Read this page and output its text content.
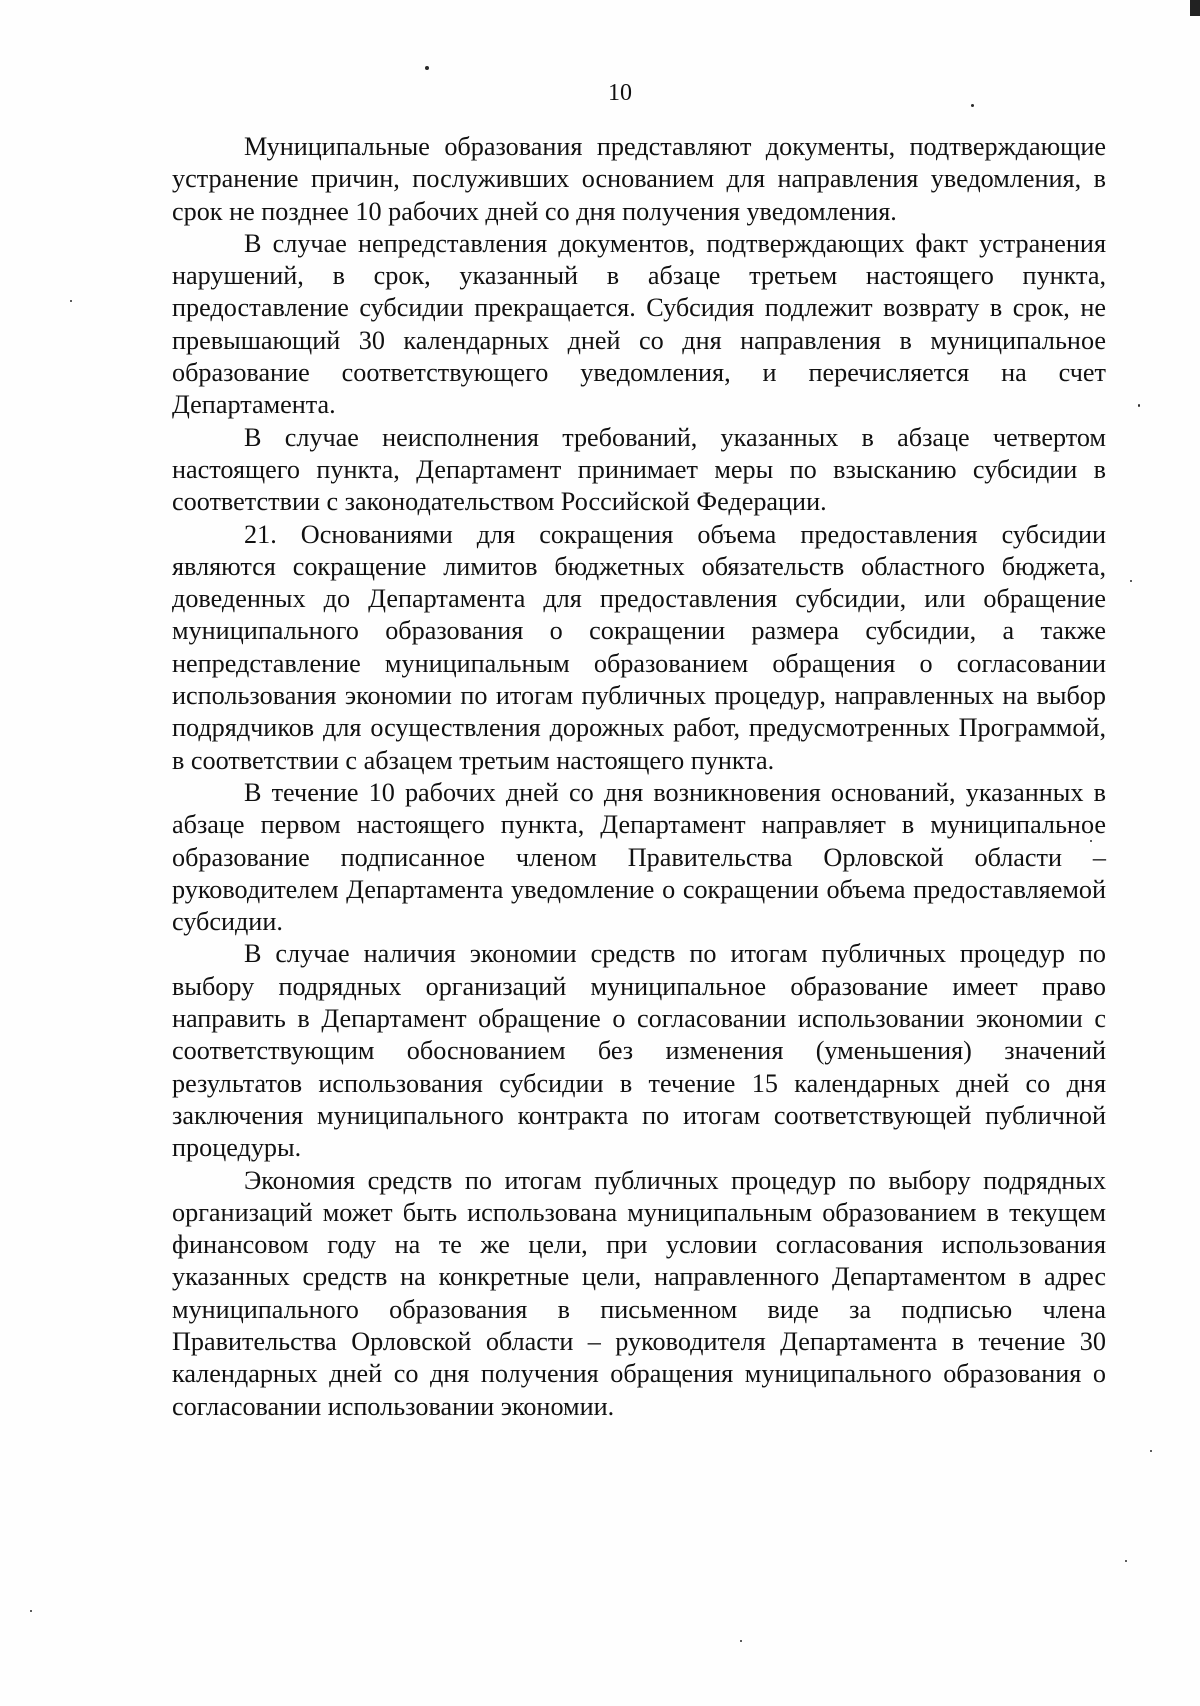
10

Муниципальные образования представляют документы, подтверждающие устранение причин, послуживших основанием для направления уведомления, в срок не позднее 10 рабочих дней со дня получения уведомления.

В случае непредставления документов, подтверждающих факт устранения нарушений, в срок, указанный в абзаце третьем настоящего пункта, предоставление субсидии прекращается. Субсидия подлежит возврату в срок, не превышающий 30 календарных дней со дня направления в муниципальное образование соответствующего уведомления, и перечисляется на счет Департамента.

В случае неисполнения требований, указанных в абзаце четвертом настоящего пункта, Департамент принимает меры по взысканию субсидии в соответствии с законодательством Российской Федерации.

21. Основаниями для сокращения объема предоставления субсидии являются сокращение лимитов бюджетных обязательств областного бюджета, доведенных до Департамента для предоставления субсидии, или обращение муниципального образования о сокращении размера субсидии, а также непредставление муниципальным образованием обращения о согласовании использования экономии по итогам публичных процедур, направленных на выбор подрядчиков для осуществления дорожных работ, предусмотренных Программой, в соответствии с абзацем третьим настоящего пункта.

В течение 10 рабочих дней со дня возникновения оснований, указанных в абзаце первом настоящего пункта, Департамент направляет в муниципальное образование подписанное членом Правительства Орловской области – руководителем Департамента уведомление о сокращении объема предоставляемой субсидии.

В случае наличия экономии средств по итогам публичных процедур по выбору подрядных организаций муниципальное образование имеет право направить в Департамент обращение о согласовании использовании экономии с соответствующим обоснованием без изменения (уменьшения) значений результатов использования субсидии в течение 15 календарных дней со дня заключения муниципального контракта по итогам соответствующей публичной процедуры.

Экономия средств по итогам публичных процедур по выбору подрядных организаций может быть использована муниципальным образованием в текущем финансовом году на те же цели, при условии согласования использования указанных средств на конкретные цели, направленного Департаментом в адрес муниципального образования в письменном виде за подписью члена Правительства Орловской области – руководителя Департамента в течение 30 календарных дней со дня получения обращения муниципального образования о согласовании использовании экономии.
